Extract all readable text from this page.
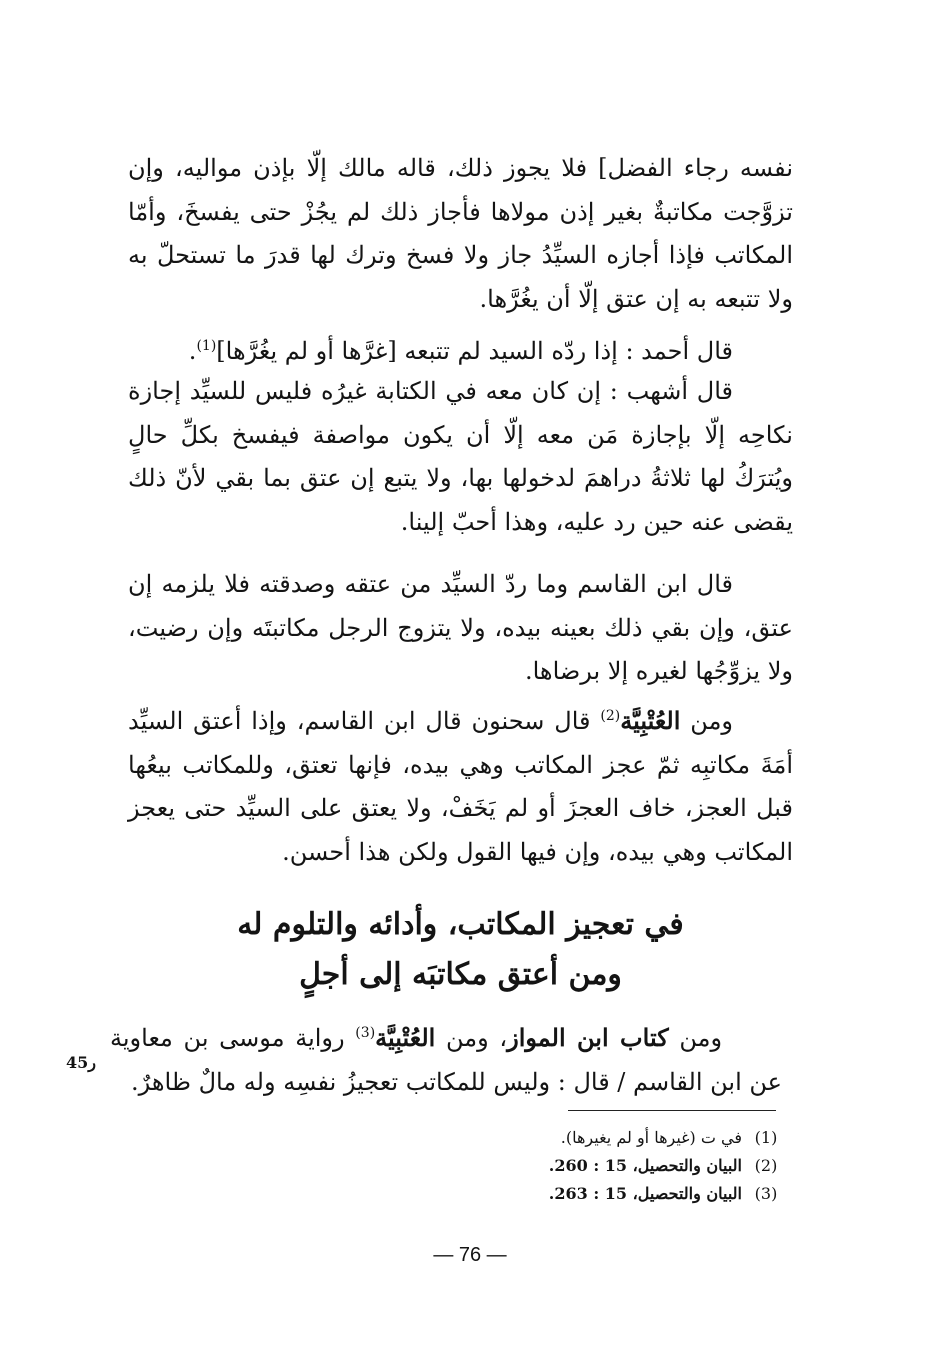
نفسه رجاء الفضل] فلا يجوز ذلك، قاله مالك إلّا بإذن مواليه، وإن تزوَّجت مكاتبةٌ بغير إذن مولاها فأجاز ذلك لم يجُزْ حتى يفسخَ، وأمّا المكاتب فإذا أجازه السيِّدُ جاز ولا فسخ وترك لها قدرَ ما تستحلّ به ولا تتبعه به إن عتق إلّا أن يغُرَّها.

قال أحمد : إذا ردّه السيد لم تتبعه [غرَّها أو لم يغُرَّها]$^{(1)}$.

قال أشهب : إن كان معه في الكتابة غيرُه فليس للسيِّد إجازة نكاحِه إلّا بإجازة مَن معه إلّا أن يكون مواصفة فيفسخ بكلِّ حالٍ ويُترَكُ لها ثلاثةُ دراهمَ لدخولها بها، ولا يتبع إن عتق بما بقي لأنّ ذلك يقضى عنه حين رد عليه، وهذا أحبّ إلينا.

قال ابن القاسم وما ردّ السيِّد من عتقه وصدقته فلا يلزمه إن عتق، وإن بقي ذلك بعينه بيده، ولا يتزوج الرجل مكاتبتَه وإن رضيت، ولا يزوِّجُها لغيره إلا برضاها.

ومن العُتْبِيَّة$^{(2)}$ قال سحنون قال ابن القاسم، وإذا أعتق السيِّد أمَةَ مكاتبِه ثمّ عجز المكاتب وهي بيده، فإنها تعتق، وللمكاتب بيعُها قبل العجز، خاف العجزَ أو لم يَخَفْ، ولا يعتق على السيِّد حتى يعجز المكاتب وهي بيده، وإن فيها القول ولكن هذا أحسن.

في تعجيز المكاتب، وأدائه والتلوم له
ومن أعتق مكاتبَه إلى أجلٍ

ومن كتاب ابن المواز، ومن العُتْبِيَّة$^{(3)}$ رواية موسى بن معاوية عن ابن القاسم / قال : وليس للمكاتب تعجيزُ نفسِه وله مالٌ ظاهرٌ.

45ر
(1)
في ت (غيرها أو لم يغيرها).
(2)
البيان والتحصيل، 15 : 260.
(3)
البيان والتحصيل، 15 : 263.
— 76 —
